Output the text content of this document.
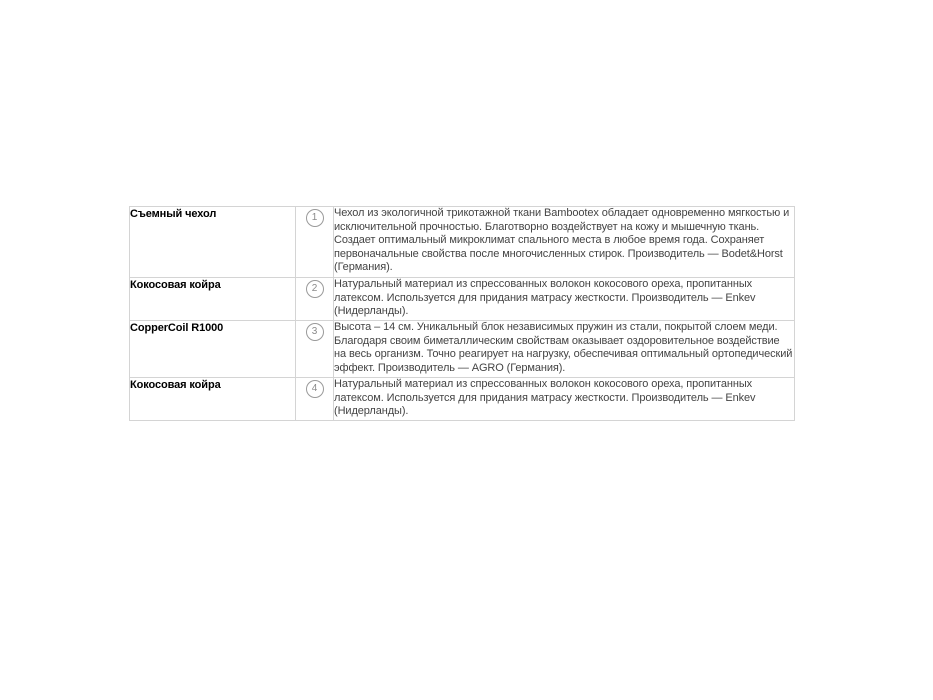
Съемный чехол	1	Чехол из экологичной трикотажной ткани Bambootex обладает одновременно мягкостью и исключительной прочностью. Благотворно воздействует на кожу и мышечную ткань. Создает оптимальный микроклимат спального места в любое время года. Сохраняет первоначальные свойства после многочисленных стирок. Производитель — Bodet&Horst (Германия).
Кокосовая койра	2	Натуральный материал из спрессованных волокон кокосового ореха, пропитанных латексом. Используется для придания матрасу жесткости. Производитель — Enkev (Нидерланды).
CopperCoil R1000	3	Высота – 14 см. Уникальный блок независимых пружин из стали, покрытой слоем меди. Благодаря своим биметаллическим свойствам оказывает оздоровительное воздействие на весь организм. Точно реагирует на нагрузку, обеспечивая оптимальный ортопедический эффект. Производитель — AGRO (Германия).
Кокосовая койра	4	Натуральный материал из спрессованных волокон кокосового ореха, пропитанных латексом. Используется для придания матрасу жесткости. Производитель — Enkev (Нидерланды).
